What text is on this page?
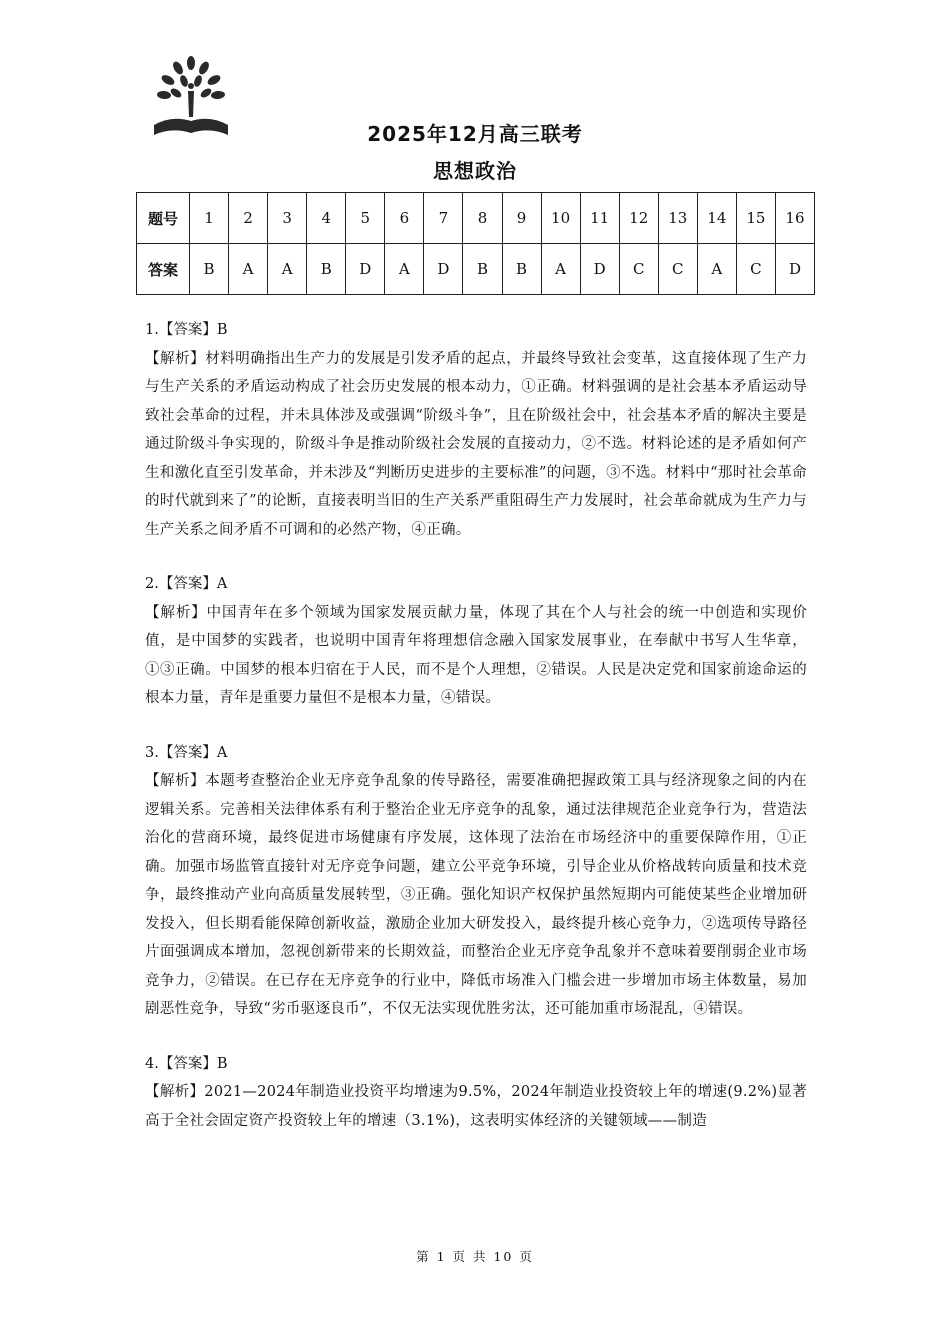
2025年12月高三联考
思想政治
题号	1	2	3	4	5	6	7	8	9	10	11	12	13	14	15	16
答案	B	A	A	B	D	A	D	B	B	A	D	C	C	A	C	D
1.【答案】B
【解析】材料明确指出生产力的发展是引发矛盾的起点，并最终导致社会变革，这直接体现了生产力与生产关系的矛盾运动构成了社会历史发展的根本动力，①正确。材料强调的是社会基本矛盾运动导致社会革命的过程，并未具体涉及或强调“阶级斗争”，且在阶级社会中，社会基本矛盾的解决主要是通过阶级斗争实现的，阶级斗争是推动阶级社会发展的直接动力，②不选。材料论述的是矛盾如何产生和激化直至引发革命，并未涉及“判断历史进步的主要标准”的问题，③不选。材料中“那时社会革命的时代就到来了”的论断，直接表明当旧的生产关系严重阻碍生产力发展时，社会革命就成为生产力与生产关系之间矛盾不可调和的必然产物，④正确。
2.【答案】A
【解析】中国青年在多个领域为国家发展贡献力量，体现了其在个人与社会的统一中创造和实现价值，是中国梦的实践者，也说明中国青年将理想信念融入国家发展事业，在奉献中书写人生华章，①③正确。中国梦的根本归宿在于人民，而不是个人理想，②错误。人民是决定党和国家前途命运的根本力量，青年是重要力量但不是根本力量，④错误。
3.【答案】A
【解析】本题考查整治企业无序竞争乱象的传导路径，需要准确把握政策工具与经济现象之间的内在逻辑关系。完善相关法律体系有利于整治企业无序竞争的乱象，通过法律规范企业竞争行为，营造法治化的营商环境，最终促进市场健康有序发展，这体现了法治在市场经济中的重要保障作用，①正确。加强市场监管直接针对无序竞争问题，建立公平竞争环境，引导企业从价格战转向质量和技术竞争，最终推动产业向高质量发展转型，③正确。强化知识产权保护虽然短期内可能使某些企业增加研发投入，但长期看能保障创新收益，激励企业加大研发投入，最终提升核心竞争力，②选项传导路径片面强调成本增加，忽视创新带来的长期效益，而整治企业无序竞争乱象并不意味着要削弱企业市场竞争力，②错误。在已存在无序竞争的行业中，降低市场准入门槛会进一步增加市场主体数量，易加剧恶性竞争，导致“劣币驱逐良币”，不仅无法实现优胜劣汰，还可能加重市场混乱，④错误。
4.【答案】B
【解析】2021—2024年制造业投资平均增速为9.5%，2024年制造业投资较上年的增速(9.2%)显著高于全社会固定资产投资较上年的增速（3.1%)，这表明实体经济的关键领域——制造
第 1 页 共 10 页
